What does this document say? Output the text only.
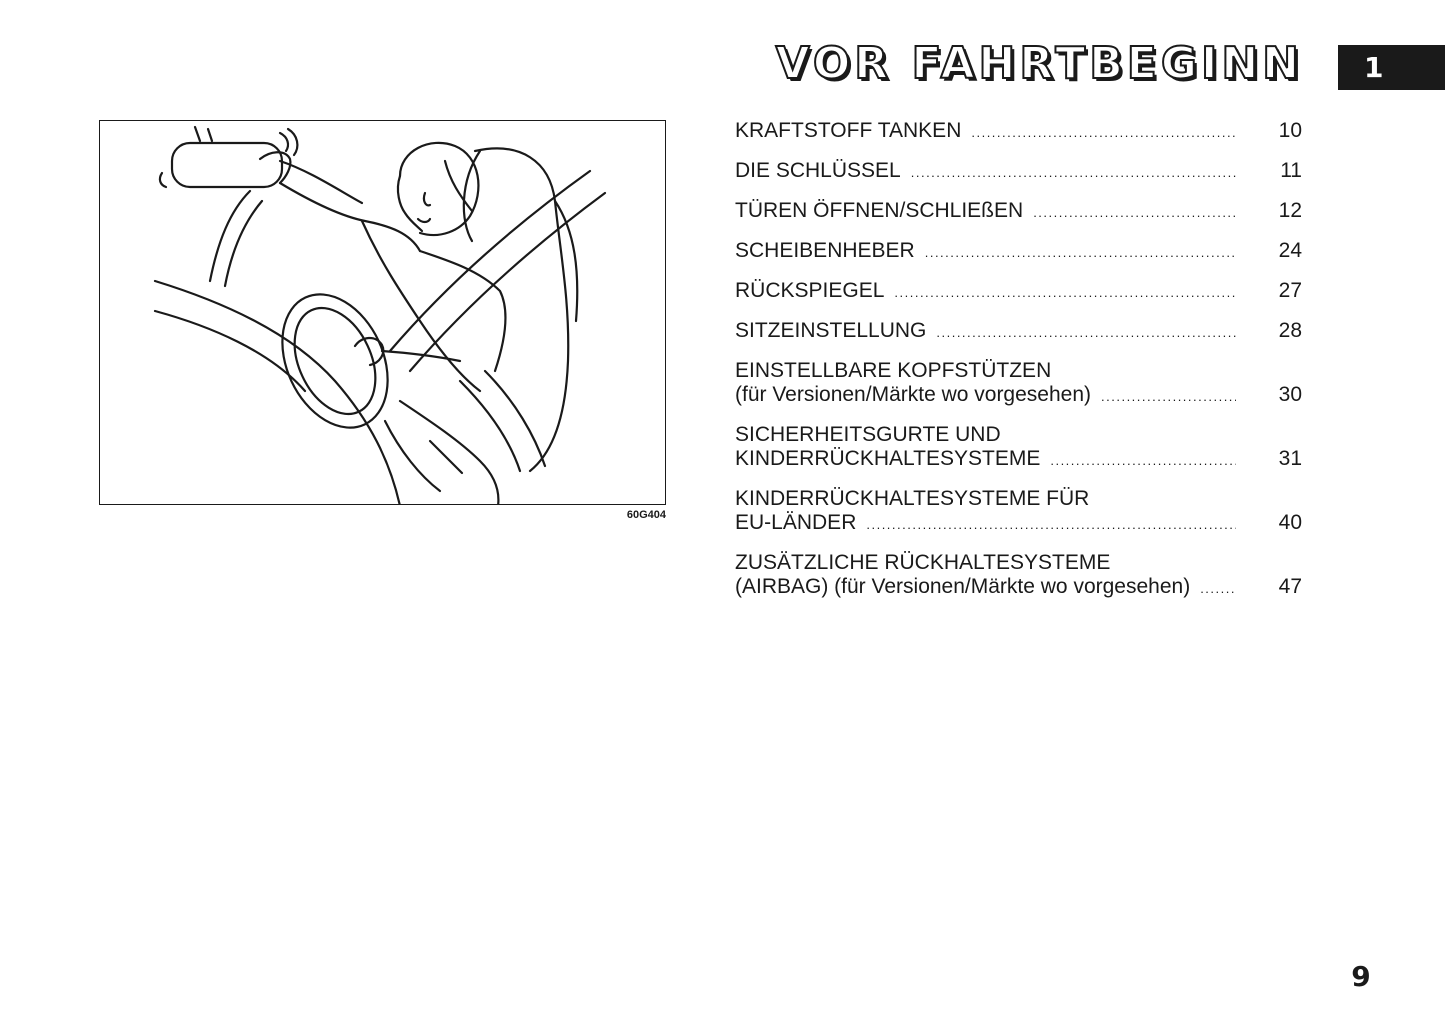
VOR FAHRTBEGINN 1
60G404
KRAFTSTOFF TANKEN .....	10
DIE SCHLÜSSEL .....	11
TÜREN ÖFFNEN/SCHLIEßEN .....	12
SCHEIBENHEBER .....	24
RÜCKSPIEGEL .....	27
SITZEINSTELLUNG .....	28
EINSTELLBARE KOPFSTÜTZEN
(für Versionen/Märkte wo vorgesehen) .....	30
SICHERHEITSGURTE UND
KINDERRÜCKHALTESYSTEME .....	31
KINDERRÜCKHALTESYSTEME FÜR
EU-LÄNDER .....	40
ZUSÄTZLICHE RÜCKHALTESYSTEME
(AIRBAG) (für Versionen/Märkte wo vorgesehen) .....	47
9
